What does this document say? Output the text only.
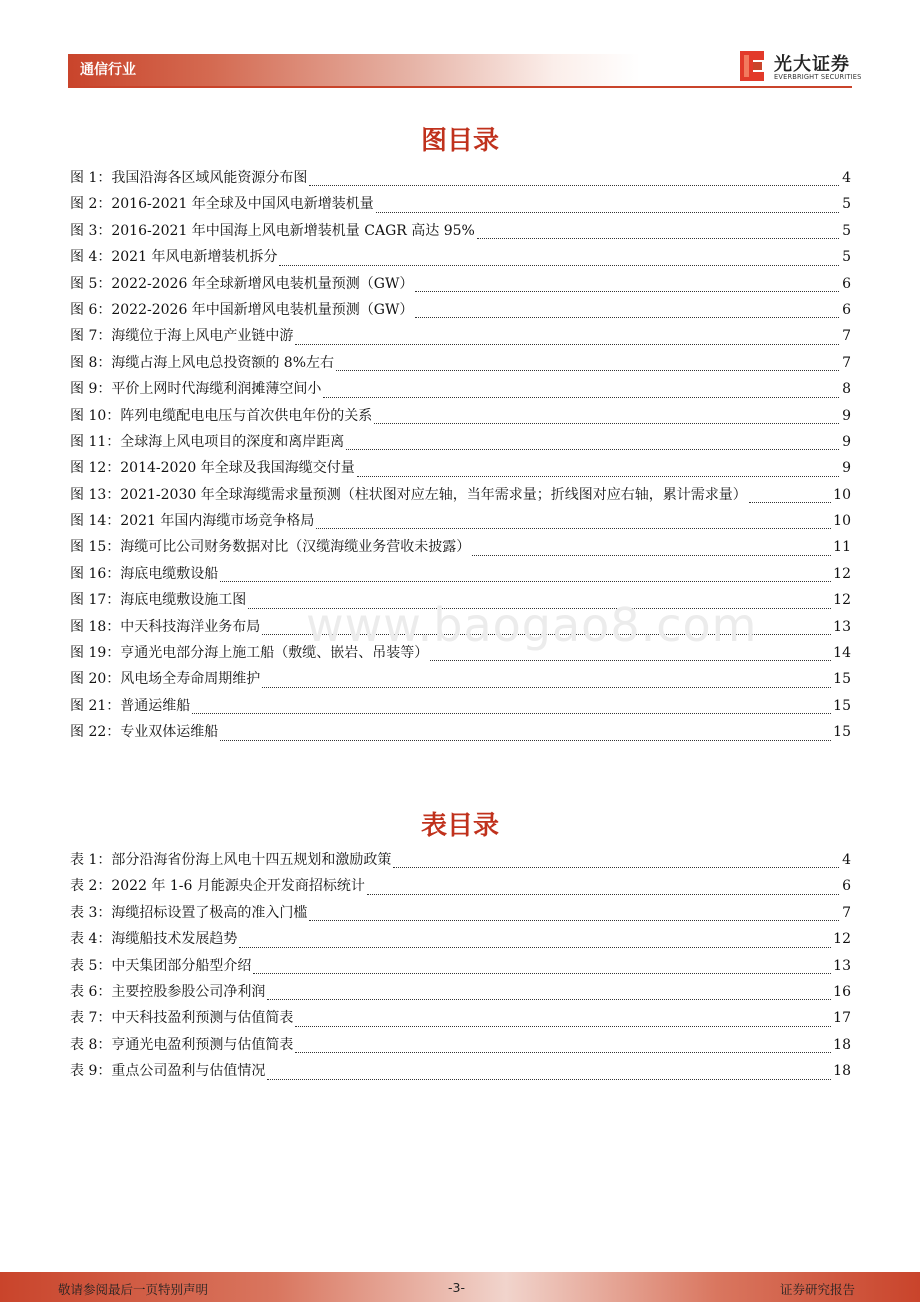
通信行业	光大证券
EVERBRIGHT SECURITIES
图目录
图 1： 我国沿海各区域风能资源分布图	4
图 2： 2016-2021 年全球及中国风电新增装机量	5
图 3： 2016-2021 年中国海上风电新增装机量 CAGR 高达 95%	5
图 4： 2021 年风电新增装机拆分	5
图 5： 2022-2026 年全球新增风电装机量预测（GW）	6
图 6： 2022-2026 年中国新增风电装机量预测（GW）	6
图 7： 海缆位于海上风电产业链中游	7
图 8： 海缆占海上风电总投资额的 8%左右	7
图 9： 平价上网时代海缆利润摊薄空间小	8
图 10： 阵列电缆配电电压与首次供电年份的关系	9
图 11： 全球海上风电项目的深度和离岸距离	9
图 12： 2014-2020 年全球及我国海缆交付量	9
图 13： 2021-2030 年全球海缆需求量预测（柱状图对应左轴，当年需求量；折线图对应右轴，累计需求量）	10
图 14： 2021 年国内海缆市场竞争格局	10
图 15： 海缆可比公司财务数据对比（汉缆海缆业务营收未披露）	11
图 16： 海底电缆敷设船	12
图 17： 海底电缆敷设施工图	12
图 18： 中天科技海洋业务布局	13
图 19： 亨通光电部分海上施工船（敷缆、嵌岩、吊装等）	14
图 20： 风电场全寿命周期维护	15
图 21： 普通运维船	15
图 22： 专业双体运维船	15
www.baogao8.com
表目录
表 1： 部分沿海省份海上风电十四五规划和激励政策	4
表 2： 2022 年 1-6 月能源央企开发商招标统计	6
表 3： 海缆招标设置了极高的准入门槛	7
表 4： 海缆船技术发展趋势	12
表 5： 中天集团部分船型介绍	13
表 6： 主要控股参股公司净利润	16
表 7： 中天科技盈利预测与估值简表	17
表 8： 亨通光电盈利预测与估值简表	18
表 9： 重点公司盈利与估值情况	18
敬请参阅最后一页特别声明	-3-	证券研究报告
